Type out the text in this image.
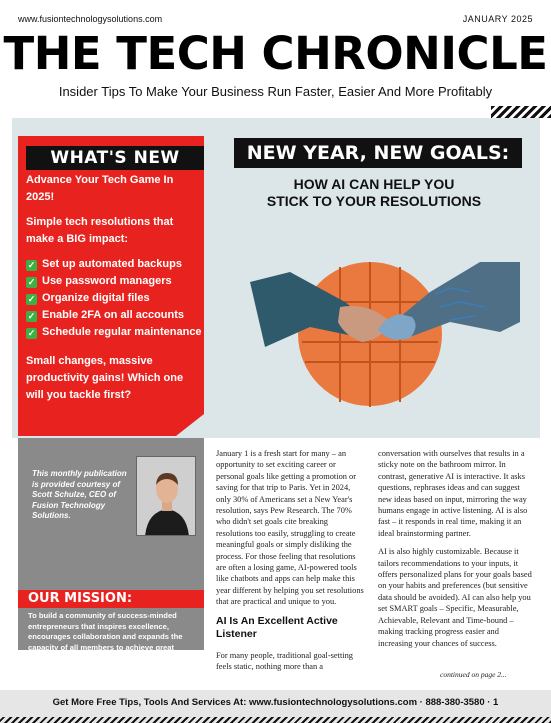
www.fusiontechnologysolutions.com	JANUARY 2025
THE TECH CHRONICLE
Insider Tips To Make Your Business Run Faster, Easier And More Profitably
WHAT'S NEW

Advance Your Tech Game In 2025!

Simple tech resolutions that make a BIG impact:

✓ Set up automated backups
✓ Use password managers
✓ Organize digital files
✓ Enable 2FA on all accounts
✓ Schedule regular maintenance

Small changes, massive productivity gains! Which one will you tackle first?

NEW YEAR, NEW GOALS:
HOW AI CAN HELP YOU
STICK TO YOUR RESOLUTIONS
This monthly publication is provided courtesy of Scott Schulze, CEO of Fusion Technology Solutions.
OUR MISSION:
To build a community of success-minded entrepreneurs that inspires excellence, encourages collaboration and expands the capacity of all members to achieve great things.

January 1 is a fresh start for many – an opportunity to set exciting career or personal goals like getting a promotion or saving for that trip to Paris. Yet in 2024, only 30% of Americans set a New Year's resolution, says Pew Research. The 70% who didn't set goals cite breaking resolutions too easily, struggling to create meaningful goals or simply disliking the process. For those feeling that resolutions are often a losing game, AI-powered tools like chatbots and apps can help make this year different by helping you set resolutions that are practical and unique to you.

AI Is An Excellent Active Listener

For many people, traditional goal-setting feels static, nothing more than a

conversation with ourselves that results in a sticky note on the bathroom mirror. In contrast, generative AI is interactive. It asks questions, rephrases ideas and can suggest new ideas based on input, mirroring the way humans engage in active listening. AI is also fast – it responds in real time, making it an ideal brainstorming partner.

AI is also highly customizable. Because it tailors recommendations to your inputs, it offers personalized plans for your goals based on your habits and preferences (but sensitive data should be avoided). AI can also help you set SMART goals – Specific, Measurable, Achievable, Relevant and Time-bound – making tracking progress easier and increasing your chances of success.

continued on page 2...
Get More Free Tips, Tools And Services At: www.fusiontechnologysolutions.com · 888-380-3580 · 1
